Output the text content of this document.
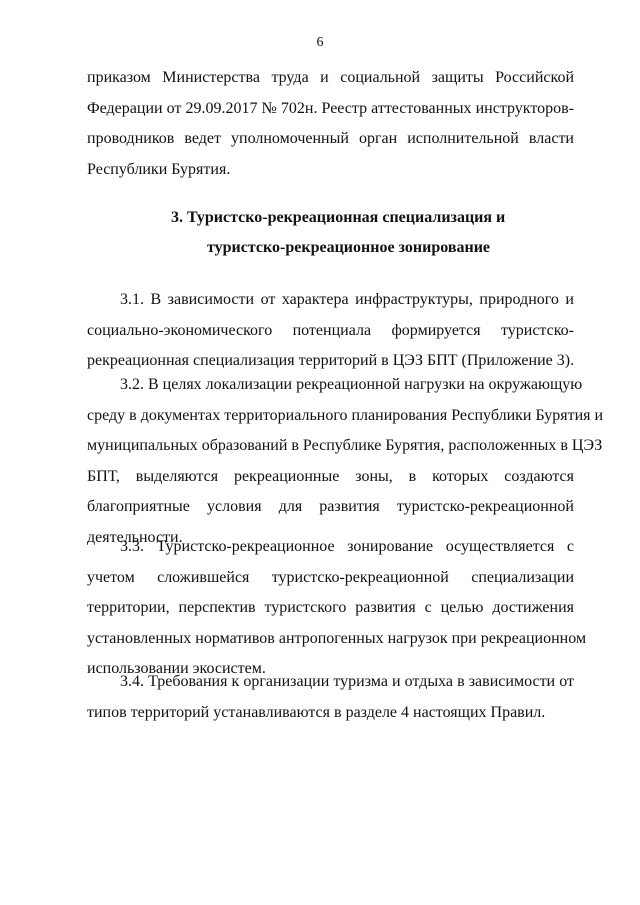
6
приказом Министерства труда и социальной защиты Российской
Федерации от 29.09.2017 № 702н. Реестр аттестованных инструкторов-
проводников ведет уполномоченный орган исполнительной власти
Республики Бурятия.
3. Туристско-рекреационная специализация и
туристско-рекреационное зонирование
3.1. В зависимости от характера инфраструктуры, природного и
социально-экономического потенциала формируется туристско-
рекреационная специализация территорий в ЦЭЗ БПТ (Приложение 3).
3.2. В целях локализации рекреационной нагрузки на окружающую
среду в документах территориального планирования Республики Бурятия и
муниципальных образований в Республике Бурятия, расположенных в ЦЭЗ
БПТ, выделяются рекреационные зоны, в которых создаются
благоприятные условия для развития туристско-рекреационной
деятельности.
3.3. Туристско-рекреационное зонирование осуществляется с
учетом сложившейся туристско-рекреационной специализации
территории, перспектив туристского развития с целью достижения
установленных нормативов антропогенных нагрузок при рекреационном
использовании экосистем.
3.4. Требования к организации туризма и отдыха в зависимости от
типов территорий устанавливаются в разделе 4 настоящих Правил.
